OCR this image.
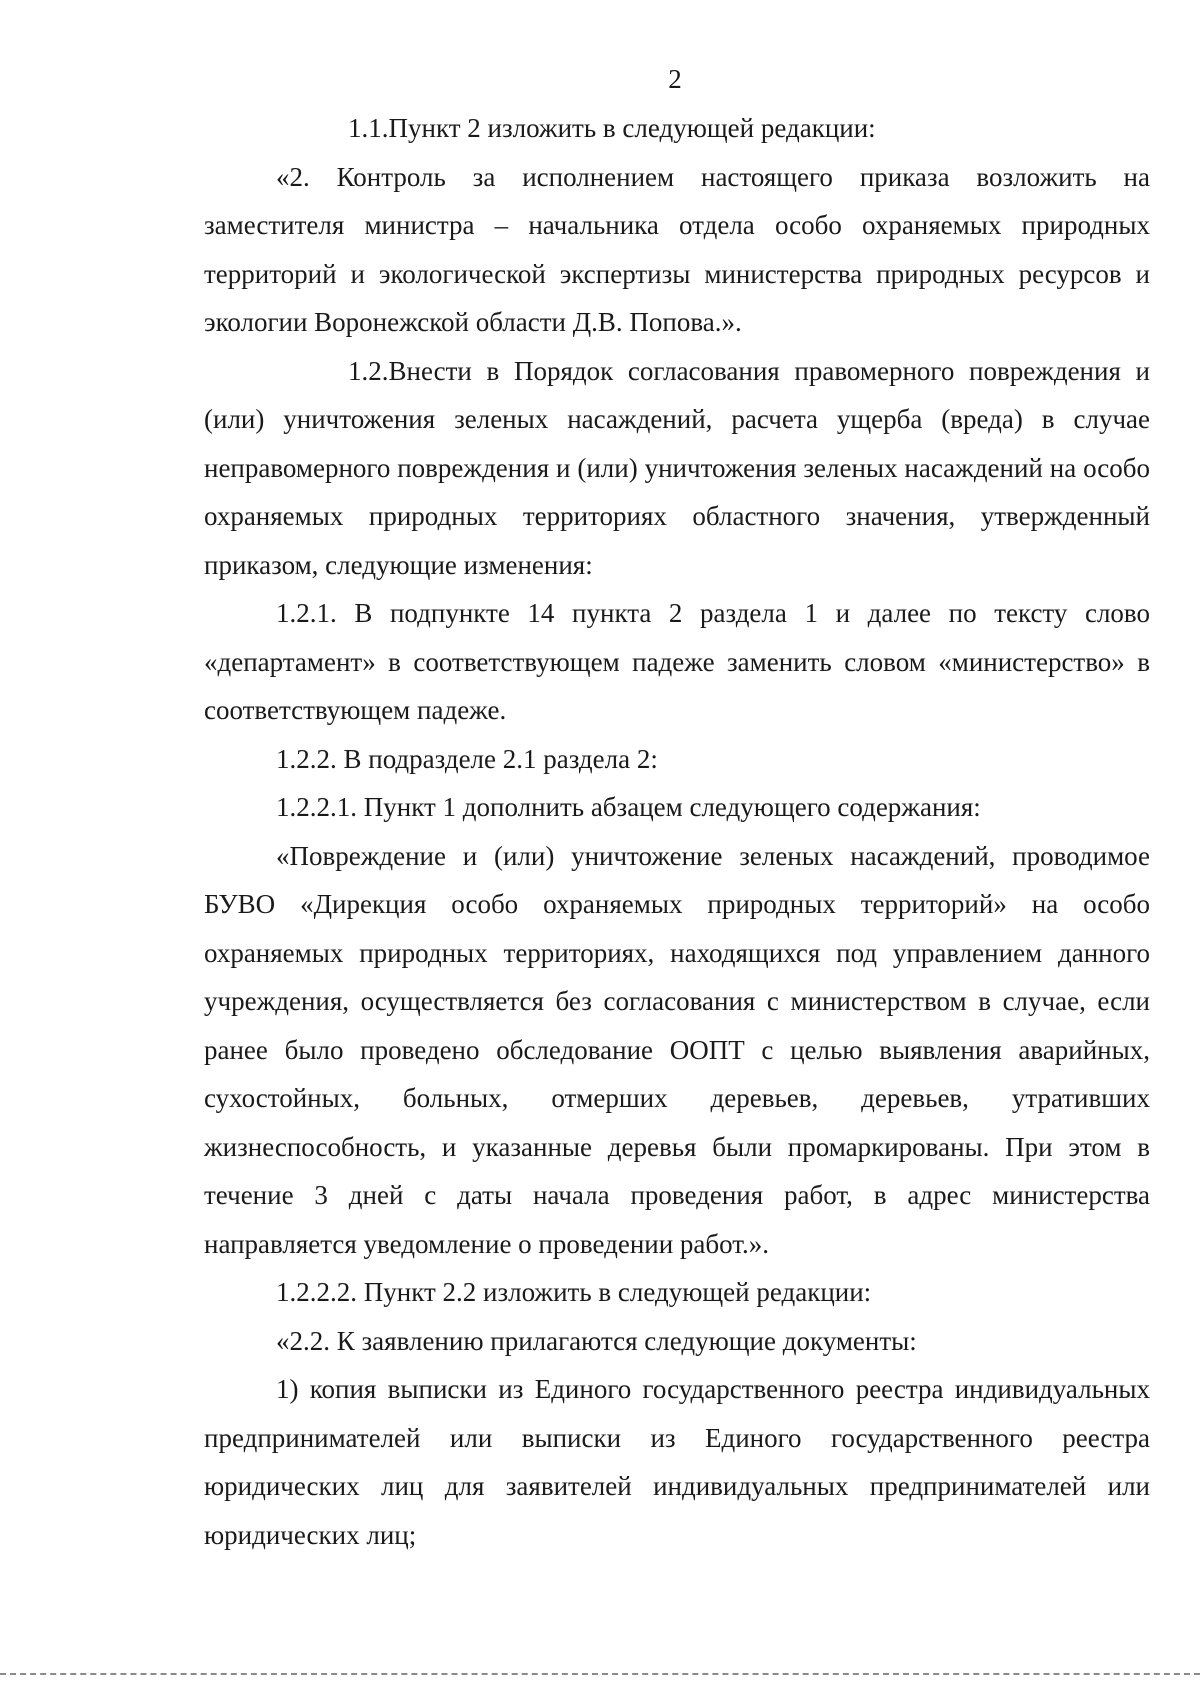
2

1.1.Пункт 2 изложить в следующей редакции:

«2. Контроль за исполнением настоящего приказа возложить на заместителя министра – начальника отдела особо охраняемых природных территорий и экологической экспертизы министерства природных ресурсов и экологии Воронежской области Д.В. Попова.».

1.2.Внести в Порядок согласования правомерного повреждения и (или) уничтожения зеленых насаждений, расчета ущерба (вреда) в случае неправомерного повреждения и (или) уничтожения зеленых насаждений на особо охраняемых природных территориях областного значения, утвержденный приказом, следующие изменения:

1.2.1. В подпункте 14 пункта 2 раздела 1 и далее по тексту слово «департамент» в соответствующем падеже заменить словом «министерство» в соответствующем падеже.

1.2.2. В подразделе 2.1 раздела 2:

1.2.2.1. Пункт 1 дополнить абзацем следующего содержания:

«Повреждение и (или) уничтожение зеленых насаждений, проводимое БУВО «Дирекция особо охраняемых природных территорий» на особо охраняемых природных территориях, находящихся под управлением данного учреждения, осуществляется без согласования с министерством в случае, если ранее было проведено обследование ООПТ с целью выявления аварийных, сухостойных, больных, отмерших деревьев, деревьев, утративших жизнеспособность, и указанные деревья были промаркированы. При этом в течение 3 дней с даты начала проведения работ, в адрес министерства направляется уведомление о проведении работ.».

1.2.2.2. Пункт 2.2 изложить в следующей редакции:

«2.2. К заявлению прилагаются следующие документы:

1) копия выписки из Единого государственного реестра индивидуальных предпринимателей или выписки из Единого государственного реестра юридических лиц для заявителей индивидуальных предпринимателей или юридических лиц;
